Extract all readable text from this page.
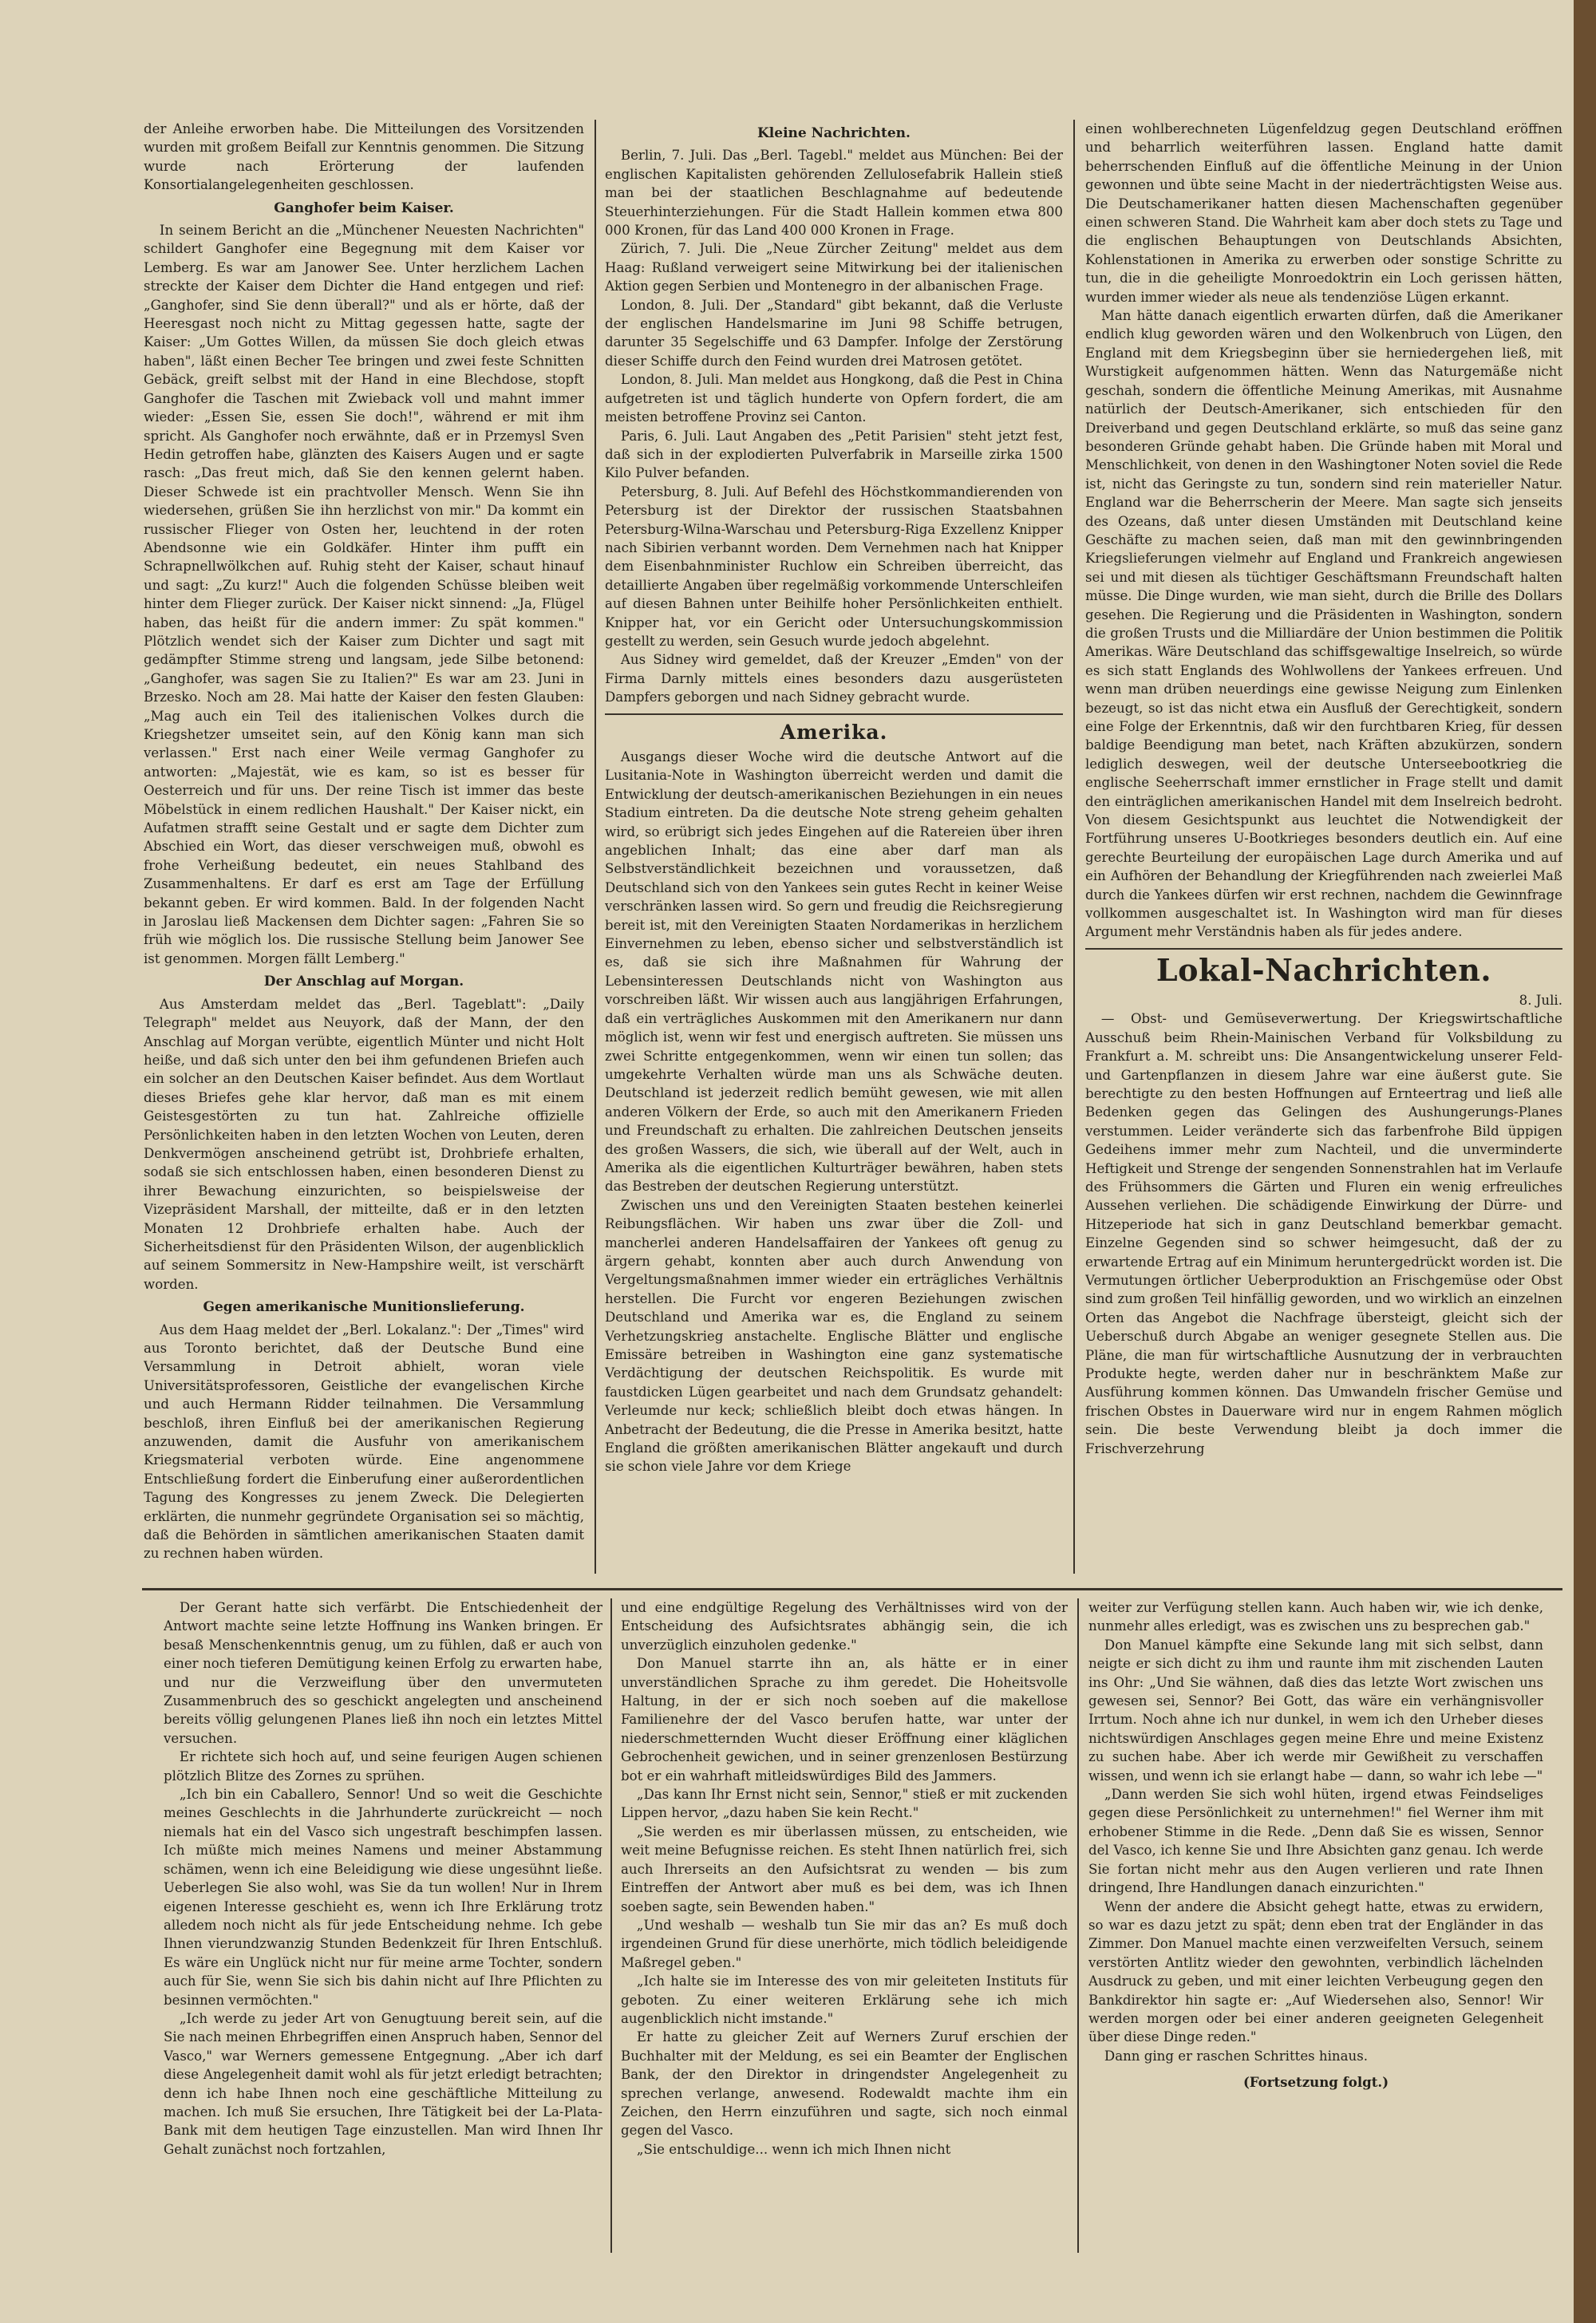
der Anleihe erworben habe. Die Mitteilungen des Vorsitzenden wurden mit großem Beifall zur Kenntnis genommen. Die Sitzung wurde nach Erörterung der laufenden Konsortialangelegenheiten geschlossen.

Ganghofer beim Kaiser.

In seinem Bericht an die „Münchener Neuesten Nachrichten" schildert Ganghofer eine Begegnung mit dem Kaiser vor Lemberg. Es war am Janower See. Unter herzlichem Lachen streckte der Kaiser dem Dichter die Hand entgegen und rief: „Ganghofer, sind Sie denn überall?" und als er hörte, daß der Heeresgast noch nicht zu Mittag gegessen hatte, sagte der Kaiser: „Um Gottes Willen, da müssen Sie doch gleich etwas haben", läßt einen Becher Tee bringen und zwei feste Schnitten Gebäck, greift selbst mit der Hand in eine Blechdose, stopft Ganghofer die Taschen mit Zwieback voll und mahnt immer wieder: „Essen Sie, essen Sie doch!", während er mit ihm spricht. Als Ganghofer noch erwähnte, daß er in Przemysl Sven Hedin getroffen habe, glänzten des Kaisers Augen und er sagte rasch: „Das freut mich, daß Sie den kennen gelernt haben. Dieser Schwede ist ein prachtvoller Mensch. Wenn Sie ihn wiedersehen, grüßen Sie ihn herzlichst von mir." Da kommt ein russischer Flieger von Osten her, leuchtend in der roten Abendsonne wie ein Goldkäfer. Hinter ihm pufft ein Schrapnellwölkchen auf. Ruhig steht der Kaiser, schaut hinauf und sagt: „Zu kurz!" Auch die folgenden Schüsse bleiben weit hinter dem Flieger zurück. Der Kaiser nickt sinnend: „Ja, Flügel haben, das heißt für die andern immer: Zu spät kommen." Plötzlich wendet sich der Kaiser zum Dichter und sagt mit gedämpfter Stimme streng und langsam, jede Silbe betonend: „Ganghofer, was sagen Sie zu Italien?" Es war am 23. Juni in Brzesko. Noch am 28. Mai hatte der Kaiser den festen Glauben: „Mag auch ein Teil des italienischen Volkes durch die Kriegshetzer umseitet sein, auf den König kann man sich verlassen." Erst nach einer Weile vermag Ganghofer zu antworten: „Majestät, wie es kam, so ist es besser für Oesterreich und für uns. Der reine Tisch ist immer das beste Möbelstück in einem redlichen Haushalt." Der Kaiser nickt, ein Aufatmen strafft seine Gestalt und er sagte dem Dichter zum Abschied ein Wort, das dieser verschweigen muß, obwohl es frohe Verheißung bedeutet, ein neues Stahlband des Zusammenhaltens. Er darf es erst am Tage der Erfüllung bekannt geben. Er wird kommen. Bald. In der folgenden Nacht in Jaroslau ließ Mackensen dem Dichter sagen: „Fahren Sie so früh wie möglich los. Die russische Stellung beim Janower See ist genommen. Morgen fällt Lemberg."

Der Anschlag auf Morgan.

Aus Amsterdam meldet das „Berl. Tageblatt": „Daily Telegraph" meldet aus Neuyork, daß der Mann, der den Anschlag auf Morgan verübte, eigentlich Münter und nicht Holt heiße, und daß sich unter den bei ihm gefundenen Briefen auch ein solcher an den Deutschen Kaiser befindet. Aus dem Wortlaut dieses Briefes gehe klar hervor, daß man es mit einem Geistesgestörten zu tun hat. Zahlreiche offizielle Persönlichkeiten haben in den letzten Wochen von Leuten, deren Denkvermögen anscheinend getrübt ist, Drohbriefe erhalten, sodaß sie sich entschlossen haben, einen besonderen Dienst zu ihrer Bewachung einzurichten, so beispielsweise der Vizepräsident Marshall, der mitteilte, daß er in den letzten Monaten 12 Drohbriefe erhalten habe. Auch der Sicherheitsdienst für den Präsidenten Wilson, der augenblicklich auf seinem Sommersitz in New-Hampshire weilt, ist verschärft worden.

Gegen amerikanische Munitionslieferung.

Aus dem Haag meldet der „Berl. Lokalanz.": Der „Times" wird aus Toronto berichtet, daß der Deutsche Bund eine Versammlung in Detroit abhielt, woran viele Universitätsprofessoren, Geistliche der evangelischen Kirche und auch Hermann Ridder teilnahmen. Die Versammlung beschloß, ihren Einfluß bei der amerikanischen Regierung anzuwenden, damit die Ausfuhr von amerikanischem Kriegsmaterial verboten würde. Eine angenommene Entschließung fordert die Einberufung einer außerordentlichen Tagung des Kongresses zu jenem Zweck. Die Delegierten erklärten, die nunmehr gegründete Organisation sei so mächtig, daß die Behörden in sämtlichen amerikanischen Staaten damit zu rechnen haben würden.

Kleine Nachrichten.

Berlin, 7. Juli. Das „Berl. Tagebl." meldet aus München: Bei der englischen Kapitalisten gehörenden Zellulosefabrik Hallein stieß man bei der staatlichen Beschlagnahme auf bedeutende Steuerhinterziehungen. Für die Stadt Hallein kommen etwa 800 000 Kronen, für das Land 400 000 Kronen in Frage.

Zürich, 7. Juli. Die „Neue Zürcher Zeitung" meldet aus dem Haag: Rußland verweigert seine Mitwirkung bei der italienischen Aktion gegen Serbien und Montenegro in der albanischen Frage.

London, 8. Juli. Der „Standard" gibt bekannt, daß die Verluste der englischen Handelsmarine im Juni 98 Schiffe betrugen, darunter 35 Segelschiffe und 63 Dampfer. Infolge der Zerstörung dieser Schiffe durch den Feind wurden drei Matrosen getötet.

London, 8. Juli. Man meldet aus Hongkong, daß die Pest in China aufgetreten ist und täglich hunderte von Opfern fordert, die am meisten betroffene Provinz sei Canton.

Paris, 6. Juli. Laut Angaben des „Petit Parisien" steht jetzt fest, daß sich in der explodierten Pulverfabrik in Marseille zirka 1500 Kilo Pulver befanden.

Petersburg, 8. Juli. Auf Befehl des Höchstkommandierenden von Petersburg ist der Direktor der russischen Staatsbahnen Petersburg-Wilna-Warschau und Petersburg-Riga Exzellenz Knipper nach Sibirien verbannt worden. Dem Vernehmen nach hat Knipper dem Eisenbahnminister Ruchlow ein Schreiben überreicht, das detaillierte Angaben über regelmäßig vorkommende Unterschleifen auf diesen Bahnen unter Beihilfe hoher Persönlichkeiten enthielt. Knipper hat, vor ein Gericht oder Untersuchungskommission gestellt zu werden, sein Gesuch wurde jedoch abgelehnt.

Aus Sidney wird gemeldet, daß der Kreuzer „Emden" von der Firma Darnly mittels eines besonders dazu ausgerüsteten Dampfers geborgen und nach Sidney gebracht wurde.

Amerika.

Ausgangs dieser Woche wird die deutsche Antwort auf die Lusitania-Note in Washington überreicht werden und damit die Entwicklung der deutsch-amerikanischen Beziehungen in ein neues Stadium eintreten. Da die deutsche Note streng geheim gehalten wird, so erübrigt sich jedes Eingehen auf die Ratereien über ihren angeblichen Inhalt; das eine aber darf man als Selbstverständlichkeit bezeichnen und voraussetzen, daß Deutschland sich von den Yankees sein gutes Recht in keiner Weise verschränken lassen wird. So gern und freudig die Reichsregierung bereit ist, mit den Vereinigten Staaten Nordamerikas in herzlichem Einvernehmen zu leben, ebenso sicher und selbstverständlich ist es, daß sie sich ihre Maßnahmen für Wahrung der Lebensinteressen Deutschlands nicht von Washington aus vorschreiben läßt. Wir wissen auch aus langjährigen Erfahrungen, daß ein verträgliches Auskommen mit den Amerikanern nur dann möglich ist, wenn wir fest und energisch auftreten. Sie müssen uns zwei Schritte entgegenkommen, wenn wir einen tun sollen; das umgekehrte Verhalten würde man uns als Schwäche deuten. Deutschland ist jederzeit redlich bemüht gewesen, wie mit allen anderen Völkern der Erde, so auch mit den Amerikanern Frieden und Freundschaft zu erhalten. Die zahlreichen Deutschen jenseits des großen Wassers, die sich, wie überall auf der Welt, auch in Amerika als die eigentlichen Kulturträger bewähren, haben stets das Bestreben der deutschen Regierung unterstützt.

Zwischen uns und den Vereinigten Staaten bestehen keinerlei Reibungsflächen. Wir haben uns zwar über die Zoll- und mancherlei anderen Handelsaffairen der Yankees oft genug zu ärgern gehabt, konnten aber auch durch Anwendung von Vergeltungsmaßnahmen immer wieder ein erträgliches Verhältnis herstellen. Die Furcht vor engeren Beziehungen zwischen Deutschland und Amerika war es, die England zu seinem Verhetzungskrieg anstachelte. Englische Blätter und englische Emissäre betreiben in Washington eine ganz systematische Verdächtigung der deutschen Reichspolitik. Es wurde mit faustdicken Lügen gearbeitet und nach dem Grundsatz gehandelt: Verleumde nur keck; schließlich bleibt doch etwas hängen. In Anbetracht der Bedeutung, die die Presse in Amerika besitzt, hatte England die größten amerikanischen Blätter angekauft und durch sie schon viele Jahre vor dem Kriege

einen wohlberechneten Lügenfeldzug gegen Deutschland eröffnen und beharrlich weiterführen lassen. England hatte damit beherrschenden Einfluß auf die öffentliche Meinung in der Union gewonnen und übte seine Macht in der niederträchtigsten Weise aus. Die Deutschamerikaner hatten diesen Machenschaften gegenüber einen schweren Stand. Die Wahrheit kam aber doch stets zu Tage und die englischen Behauptungen von Deutschlands Absichten, Kohlenstationen in Amerika zu erwerben oder sonstige Schritte zu tun, die in die geheiligte Monroedoktrin ein Loch gerissen hätten, wurden immer wieder als neue als tendenziöse Lügen erkannt.

Man hätte danach eigentlich erwarten dürfen, daß die Amerikaner endlich klug geworden wären und den Wolkenbruch von Lügen, den England mit dem Kriegsbeginn über sie herniedergehen ließ, mit Wurstigkeit aufgenommen hätten. Wenn das Naturgemäße nicht geschah, sondern die öffentliche Meinung Amerikas, mit Ausnahme natürlich der Deutsch-Amerikaner, sich entschieden für den Dreiverband und gegen Deutschland erklärte, so muß das seine ganz besonderen Gründe gehabt haben. Die Gründe haben mit Moral und Menschlichkeit, von denen in den Washingtoner Noten soviel die Rede ist, nicht das Geringste zu tun, sondern sind rein materieller Natur. England war die Beherrscherin der Meere. Man sagte sich jenseits des Ozeans, daß unter diesen Umständen mit Deutschland keine Geschäfte zu machen seien, daß man mit den gewinnbringenden Kriegslieferungen vielmehr auf England und Frankreich angewiesen sei und mit diesen als tüchtiger Geschäftsmann Freundschaft halten müsse. Die Dinge wurden, wie man sieht, durch die Brille des Dollars gesehen. Die Regierung und die Präsidenten in Washington, sondern die großen Trusts und die Milliardäre der Union bestimmen die Politik Amerikas. Wäre Deutschland das schiffsgewaltige Inselreich, so würde es sich statt Englands des Wohlwollens der Yankees erfreuen. Und wenn man drüben neuerdings eine gewisse Neigung zum Einlenken bezeugt, so ist das nicht etwa ein Ausfluß der Gerechtigkeit, sondern eine Folge der Erkenntnis, daß wir den furchtbaren Krieg, für dessen baldige Beendigung man betet, nach Kräften abzukürzen, sondern lediglich deswegen, weil der deutsche Unterseebootkrieg die englische Seeherrschaft immer ernstlicher in Frage stellt und damit den einträglichen amerikanischen Handel mit dem Inselreich bedroht. Von diesem Gesichtspunkt aus leuchtet die Notwendigkeit der Fortführung unseres U-Bootkrieges besonders deutlich ein. Auf eine gerechte Beurteilung der europäischen Lage durch Amerika und auf ein Aufhören der Behandlung der Kriegführenden nach zweierlei Maß durch die Yankees dürfen wir erst rechnen, nachdem die Gewinnfrage vollkommen ausgeschaltet ist. In Washington wird man für dieses Argument mehr Verständnis haben als für jedes andere.

Lokal-Nachrichten.

8. Juli.

— Obst- und Gemüseverwertung. Der Kriegswirtschaftliche Ausschuß beim Rhein-Mainischen Verband für Volksbildung zu Frankfurt a. M. schreibt uns: Die Ansangentwickelung unserer Feld- und Gartenpflanzen in diesem Jahre war eine äußerst gute. Sie berechtigte zu den besten Hoffnungen auf Ernteertrag und ließ alle Bedenken gegen das Gelingen des Aushungerungs-Planes verstummen. Leider veränderte sich das farbenfrohe Bild üppigen Gedeihens immer mehr zum Nachteil, und die unverminderte Heftigkeit und Strenge der sengenden Sonnenstrahlen hat im Verlaufe des Frühsommers die Gärten und Fluren ein wenig erfreuliches Aussehen verliehen. Die schädigende Einwirkung der Dürre- und Hitzeperiode hat sich in ganz Deutschland bemerkbar gemacht. Einzelne Gegenden sind so schwer heimgesucht, daß der zu erwartende Ertrag auf ein Minimum heruntergedrückt worden ist. Die Vermutungen örtlicher Ueberproduktion an Frischgemüse oder Obst sind zum großen Teil hinfällig geworden, und wo wirklich an einzelnen Orten das Angebot die Nachfrage übersteigt, gleicht sich der Ueberschuß durch Abgabe an weniger gesegnete Stellen aus. Die Pläne, die man für wirtschaftliche Ausnutzung der in verbrauchten Produkte hegte, werden daher nur in beschränktem Maße zur Ausführung kommen können. Das Umwandeln frischer Gemüse und frischen Obstes in Dauerware wird nur in engem Rahmen möglich sein. Die beste Verwendung bleibt ja doch immer die Frischverzehrung

Der Gerant hatte sich verfärbt. Die Entschiedenheit der Antwort machte seine letzte Hoffnung ins Wanken bringen. Er besaß Menschenkenntnis genug, um zu fühlen, daß er auch von einer noch tieferen Demütigung keinen Erfolg zu erwarten habe, und nur die Verzweiflung über den unvermuteten Zusammenbruch des so geschickt angelegten und anscheinend bereits völlig gelungenen Planes ließ ihn noch ein letztes Mittel versuchen.

Er richtete sich hoch auf, und seine feurigen Augen schienen plötzlich Blitze des Zornes zu sprühen.

„Ich bin ein Caballero, Sennor! Und so weit die Geschichte meines Geschlechts in die Jahrhunderte zurückreicht — noch niemals hat ein del Vasco sich ungestraft beschimpfen lassen. Ich müßte mich meines Namens und meiner Abstammung schämen, wenn ich eine Beleidigung wie diese ungesühnt ließe. Ueberlegen Sie also wohl, was Sie da tun wollen! Nur in Ihrem eigenen Interesse geschieht es, wenn ich Ihre Erklärung trotz alledem noch nicht als für jede Entscheidung nehme. Ich gebe Ihnen vierundzwanzig Stunden Bedenkzeit für Ihren Entschluß. Es wäre ein Unglück nicht nur für meine arme Tochter, sondern auch für Sie, wenn Sie sich bis dahin nicht auf Ihre Pflichten zu besinnen vermöchten."

„Ich werde zu jeder Art von Genugtuung bereit sein, auf die Sie nach meinen Ehrbegriffen einen Anspruch haben, Sennor del Vasco," war Werners gemessene Entgegnung. „Aber ich darf diese Angelegenheit damit wohl als für jetzt erledigt betrachten; denn ich habe Ihnen noch eine geschäftliche Mitteilung zu machen. Ich muß Sie ersuchen, Ihre Tätigkeit bei der La-Plata-Bank mit dem heutigen Tage einzustellen. Man wird Ihnen Ihr Gehalt zunächst noch fortzahlen,

und eine endgültige Regelung des Verhältnisses wird von der Entscheidung des Aufsichtsrates abhängig sein, die ich unverzüglich einzuholen gedenke."

Don Manuel starrte ihn an, als hätte er in einer unverständlichen Sprache zu ihm geredet. Die Hoheitsvolle Haltung, in der er sich noch soeben auf die makellose Familienehre der del Vasco berufen hatte, war unter der niederschmetternden Wucht dieser Eröffnung einer kläglichen Gebrochenheit gewichen, und in seiner grenzenlosen Bestürzung bot er ein wahrhaft mitleidswürdiges Bild des Jammers.

„Das kann Ihr Ernst nicht sein, Sennor," stieß er mit zuckenden Lippen hervor, „dazu haben Sie kein Recht."

„Sie werden es mir überlassen müssen, zu entscheiden, wie weit meine Befugnisse reichen. Es steht Ihnen natürlich frei, sich auch Ihrerseits an den Aufsichtsrat zu wenden — bis zum Eintreffen der Antwort aber muß es bei dem, was ich Ihnen soeben sagte, sein Bewenden haben."

„Und weshalb — weshalb tun Sie mir das an? Es muß doch irgendeinen Grund für diese unerhörte, mich tödlich beleidigende Maßregel geben."

„Ich halte sie im Interesse des von mir geleiteten Instituts für geboten. Zu einer weiteren Erklärung sehe ich mich augenblicklich nicht imstande."

Er hatte zu gleicher Zeit auf Werners Zuruf erschien der Buchhalter mit der Meldung, es sei ein Beamter der Englischen Bank, der den Direktor in dringendster Angelegenheit zu sprechen verlange, anwesend. Rodewaldt machte ihm ein Zeichen, den Herrn einzuführen und sagte, sich noch einmal gegen del Vasco.

„Sie entschuldige... wenn ich mich Ihnen nicht

weiter zur Verfügung stellen kann. Auch haben wir, wie ich denke, nunmehr alles erledigt, was es zwischen uns zu besprechen gab."

Don Manuel kämpfte eine Sekunde lang mit sich selbst, dann neigte er sich dicht zu ihm und raunte ihm mit zischenden Lauten ins Ohr: „Und Sie wähnen, daß dies das letzte Wort zwischen uns gewesen sei, Sennor? Bei Gott, das wäre ein verhängnisvoller Irrtum. Noch ahne ich nur dunkel, in wem ich den Urheber dieses nichtswürdigen Anschlages gegen meine Ehre und meine Existenz zu suchen habe. Aber ich werde mir Gewißheit zu verschaffen wissen, und wenn ich sie erlangt habe — dann, so wahr ich lebe —"

„Dann werden Sie sich wohl hüten, irgend etwas Feindseliges gegen diese Persönlichkeit zu unternehmen!" fiel Werner ihm mit erhobener Stimme in die Rede. „Denn daß Sie es wissen, Sennor del Vasco, ich kenne Sie und Ihre Absichten ganz genau. Ich werde Sie fortan nicht mehr aus den Augen verlieren und rate Ihnen dringend, Ihre Handlungen danach einzurichten."

Wenn der andere die Absicht gehegt hatte, etwas zu erwidern, so war es dazu jetzt zu spät; denn eben trat der Engländer in das Zimmer. Don Manuel machte einen verzweifelten Versuch, seinem verstörten Antlitz wieder den gewohnten, verbindlich lächelnden Ausdruck zu geben, und mit einer leichten Verbeugung gegen den Bankdirektor hin sagte er: „Auf Wiedersehen also, Sennor! Wir werden morgen oder bei einer anderen geeigneten Gelegenheit über diese Dinge reden."

Dann ging er raschen Schrittes hinaus.

(Fortsetzung folgt.)
